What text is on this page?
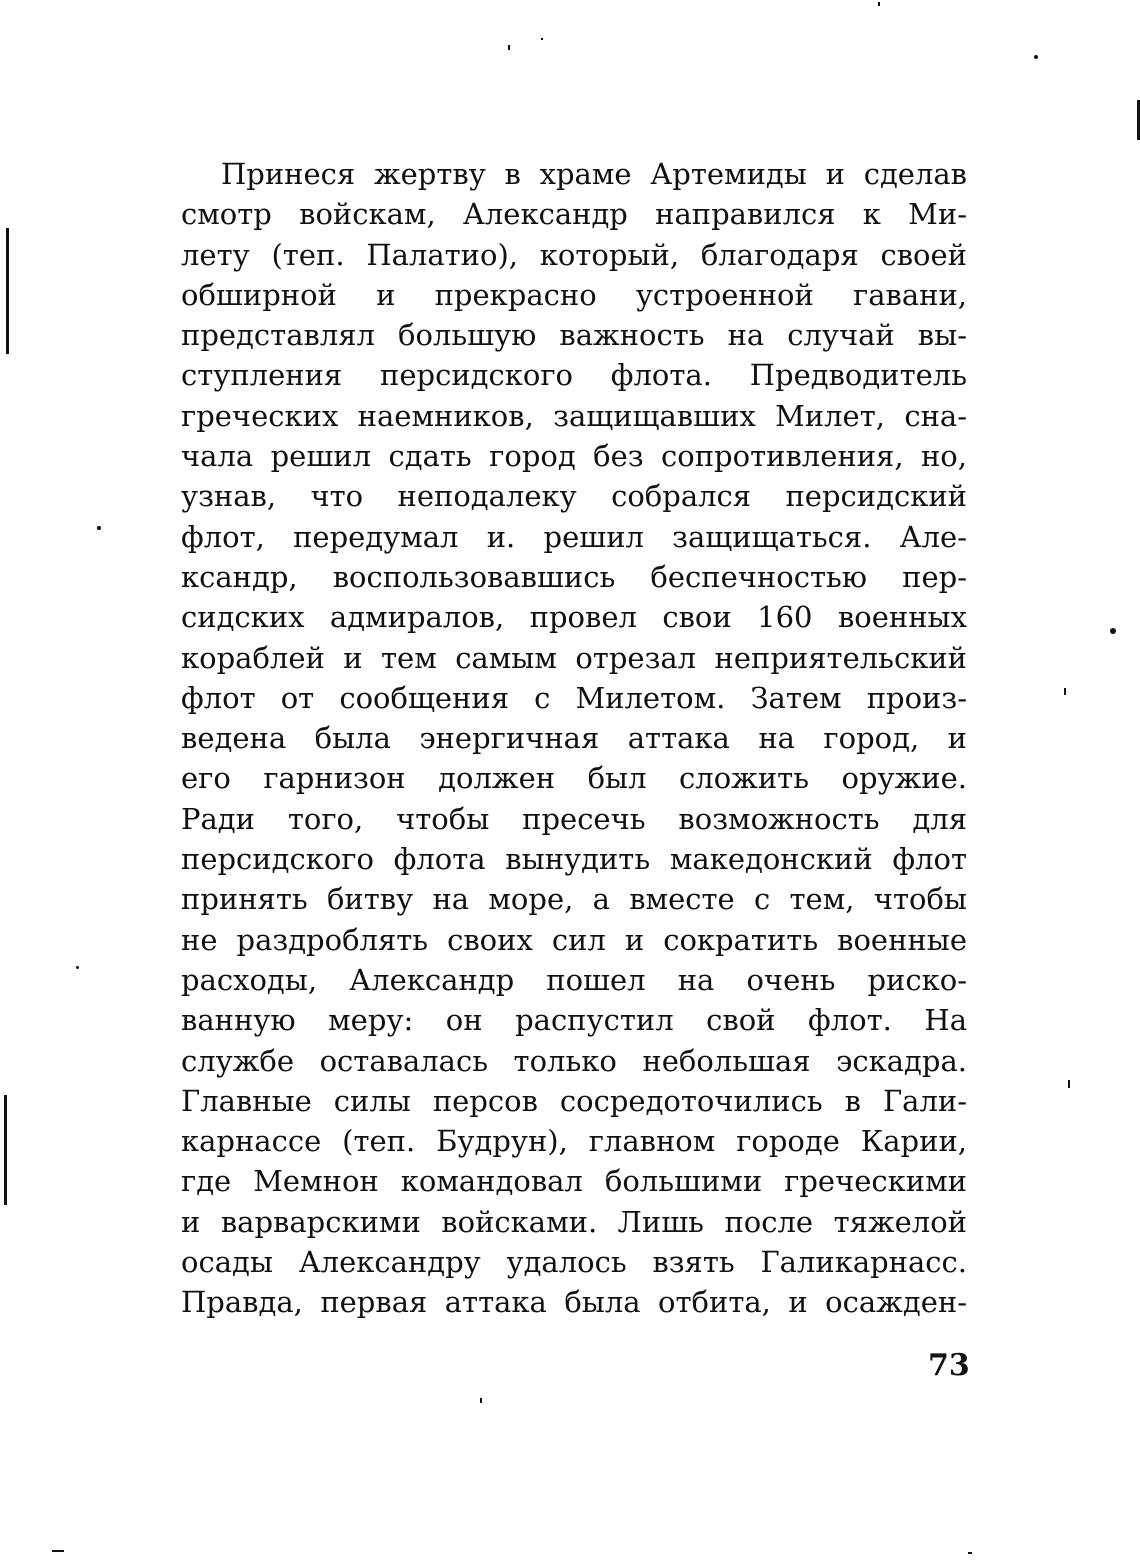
Принеся жертву в храме Артемиды и сделав
смотр войскам, Александр направился к Ми-
лету (теп. Палатио), который, благодаря своей
обширной и прекрасно устроенной гавани,
представлял большую важность на случай вы-
ступления персидского флота. Предводитель
греческих наемников, защищавших Милет, сна-
чала решил сдать город без сопротивления, но,
узнав, что неподалеку собрался персидский
флот, передумал и. решил защищаться. Але-
ксандр, воспользовавшись беспечностью пер-
сидских адмиралов, провел свои 160 военных
кораблей и тем самым отрезал неприятельский
флот от сообщения с Милетом. Затем произ-
ведена была энергичная аттака на город, и
его гарнизон должен был сложить оружие.
Ради того, чтобы пресечь возможность для
персидского флота вынудить македонский флот
принять битву на море, а вместе с тем, чтобы
не раздроблять своих сил и сократить военные
расходы, Александр пошел на очень риско-
ванную меру: он распустил свой флот. На
службе оставалась только небольшая эскадра.
Главные силы персов сосредоточились в Гали-
карнассе (теп. Будрун), главном городе Карии,
где Мемнон командовал большими греческими
и варварскими войсками. Лишь после тяжелой
осады Александру удалось взять Галикарнасс.
Правда, первая аттака была отбита, и осажден-
73
